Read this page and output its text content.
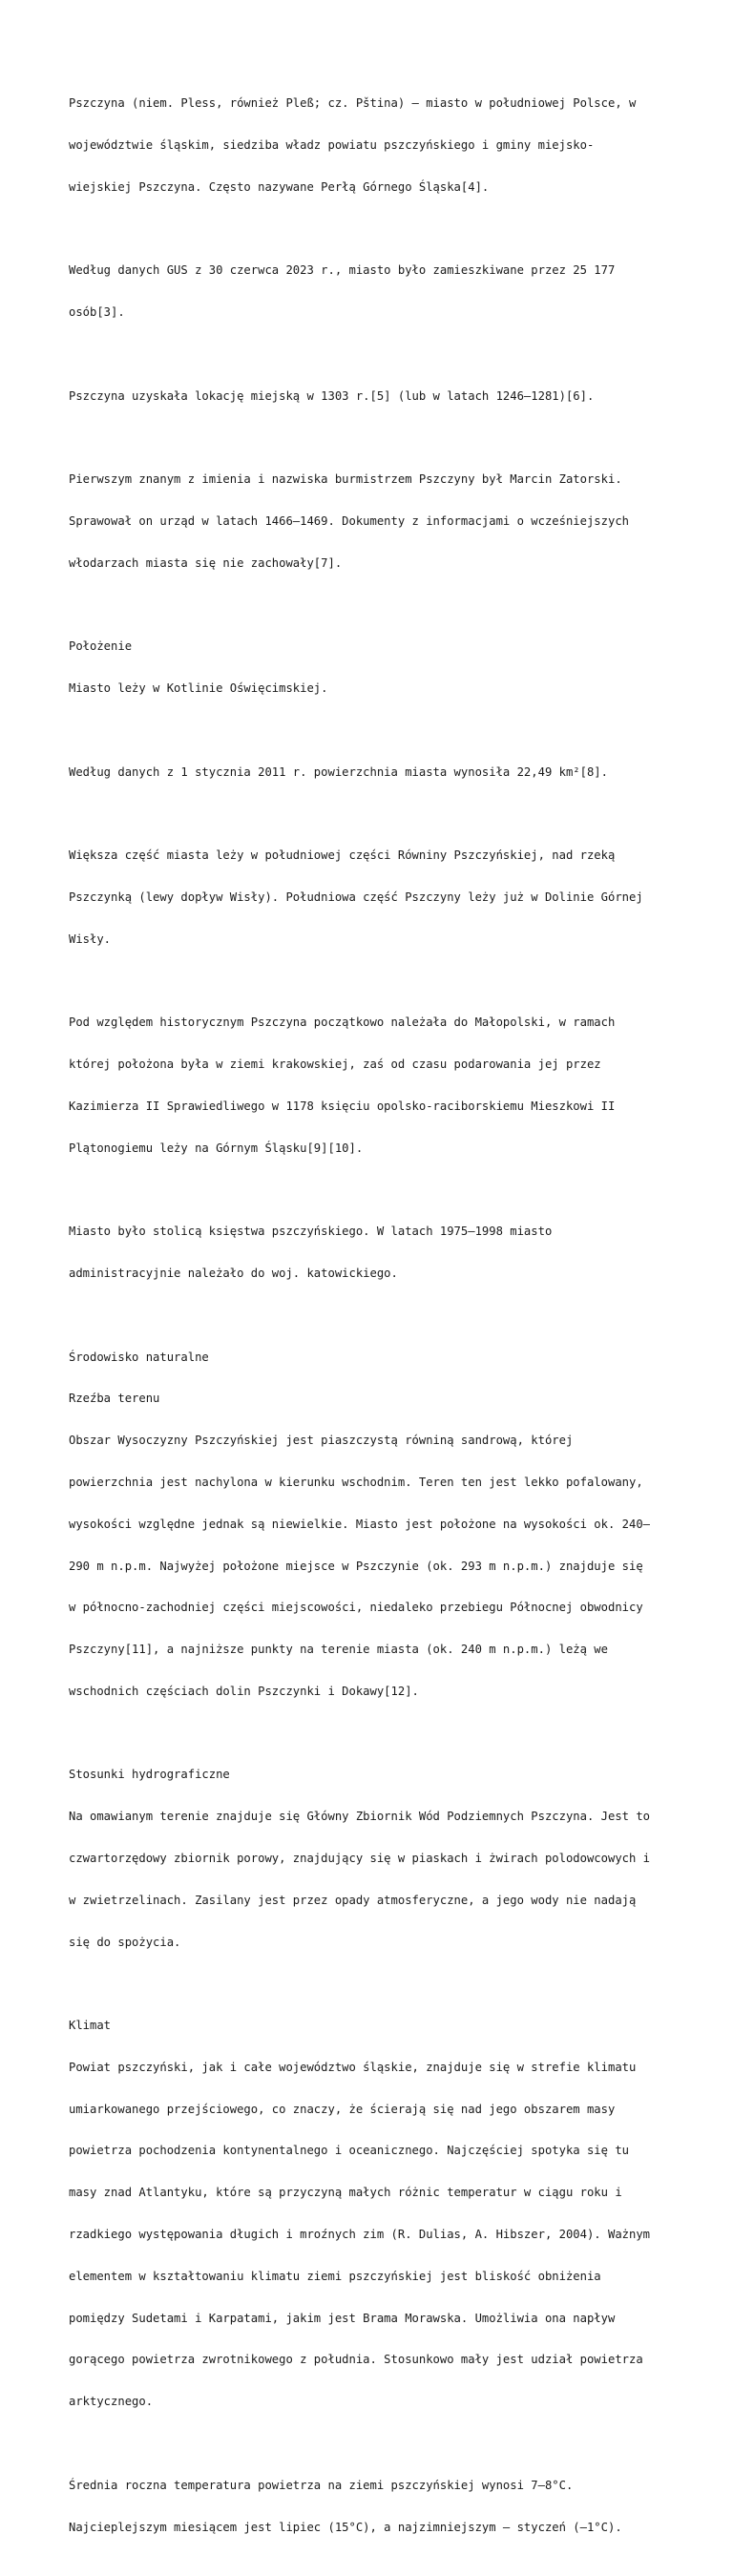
Pszczyna (niem. Pless, również Pleß; cz. Pština) – miasto w południowej Polsce, w

województwie śląskim, siedziba władz powiatu pszczyńskiego i gminy miejsko-

wiejskiej Pszczyna. Często nazywane Perłą Górnego Śląska[4].

Według danych GUS z 30 czerwca 2023 r., miasto było zamieszkiwane przez 25 177

osób[3].

Pszczyna uzyskała lokację miejską w 1303 r.[5] (lub w latach 1246–1281)[6].

Pierwszym znanym z imienia i nazwiska burmistrzem Pszczyny był Marcin Zatorski.

Sprawował on urząd w latach 1466–1469. Dokumenty z informacjami o wcześniejszych

włodarzach miasta się nie zachowały[7].

Położenie

Miasto leży w Kotlinie Oświęcimskiej.

Według danych z 1 stycznia 2011 r. powierzchnia miasta wynosiła 22,49 km²[8].

Większa część miasta leży w południowej części Równiny Pszczyńskiej, nad rzeką

Pszczynką (lewy dopływ Wisły). Południowa część Pszczyny leży już w Dolinie Górnej

Wisły.

Pod względem historycznym Pszczyna początkowo należała do Małopolski, w ramach

której położona była w ziemi krakowskiej, zaś od czasu podarowania jej przez

Kazimierza II Sprawiedliwego w 1178 księciu opolsko-raciborskiemu Mieszkowi II

Plątonogiemu leży na Górnym Śląsku[9][10].

Miasto było stolicą księstwa pszczyńskiego. W latach 1975–1998 miasto

administracyjnie należało do woj. katowickiego.

Środowisko naturalne

Rzeźba terenu

Obszar Wysoczyzny Pszczyńskiej jest piaszczystą równiną sandrową, której

powierzchnia jest nachylona w kierunku wschodnim. Teren ten jest lekko pofalowany,

wysokości względne jednak są niewielkie. Miasto jest położone na wysokości ok. 240–

290 m n.p.m. Najwyżej położone miejsce w Pszczynie (ok. 293 m n.p.m.) znajduje się

w północno-zachodniej części miejscowości, niedaleko przebiegu Północnej obwodnicy

Pszczyny[11], a najniższe punkty na terenie miasta (ok. 240 m n.p.m.) leżą we

wschodnich częściach dolin Pszczynki i Dokawy[12].

Stosunki hydrograficzne

Na omawianym terenie znajduje się Główny Zbiornik Wód Podziemnych Pszczyna. Jest to

czwartorzędowy zbiornik porowy, znajdujący się w piaskach i żwirach polodowcowych i

w zwietrzelinach. Zasilany jest przez opady atmosferyczne, a jego wody nie nadają

się do spożycia.

Klimat

Powiat pszczyński, jak i całe województwo śląskie, znajduje się w strefie klimatu

umiarkowanego przejściowego, co znaczy, że ścierają się nad jego obszarem masy

powietrza pochodzenia kontynentalnego i oceanicznego. Najczęściej spotyka się tu

masy znad Atlantyku, które są przyczyną małych różnic temperatur w ciągu roku i

rzadkiego występowania długich i mroźnych zim (R. Dulias, A. Hibszer, 2004). Ważnym

elementem w kształtowaniu klimatu ziemi pszczyńskiej jest bliskość obniżenia

pomiędzy Sudetami i Karpatami, jakim jest Brama Morawska. Umożliwia ona napływ

gorącego powietrza zwrotnikowego z południa. Stosunkowo mały jest udział powietrza

arktycznego.

Średnia roczna temperatura powietrza na ziemi pszczyńskiej wynosi 7–8°C.

Najcieplejszym miesiącem jest lipiec (15°C), a najzimniejszym – styczeń (–1°C).
